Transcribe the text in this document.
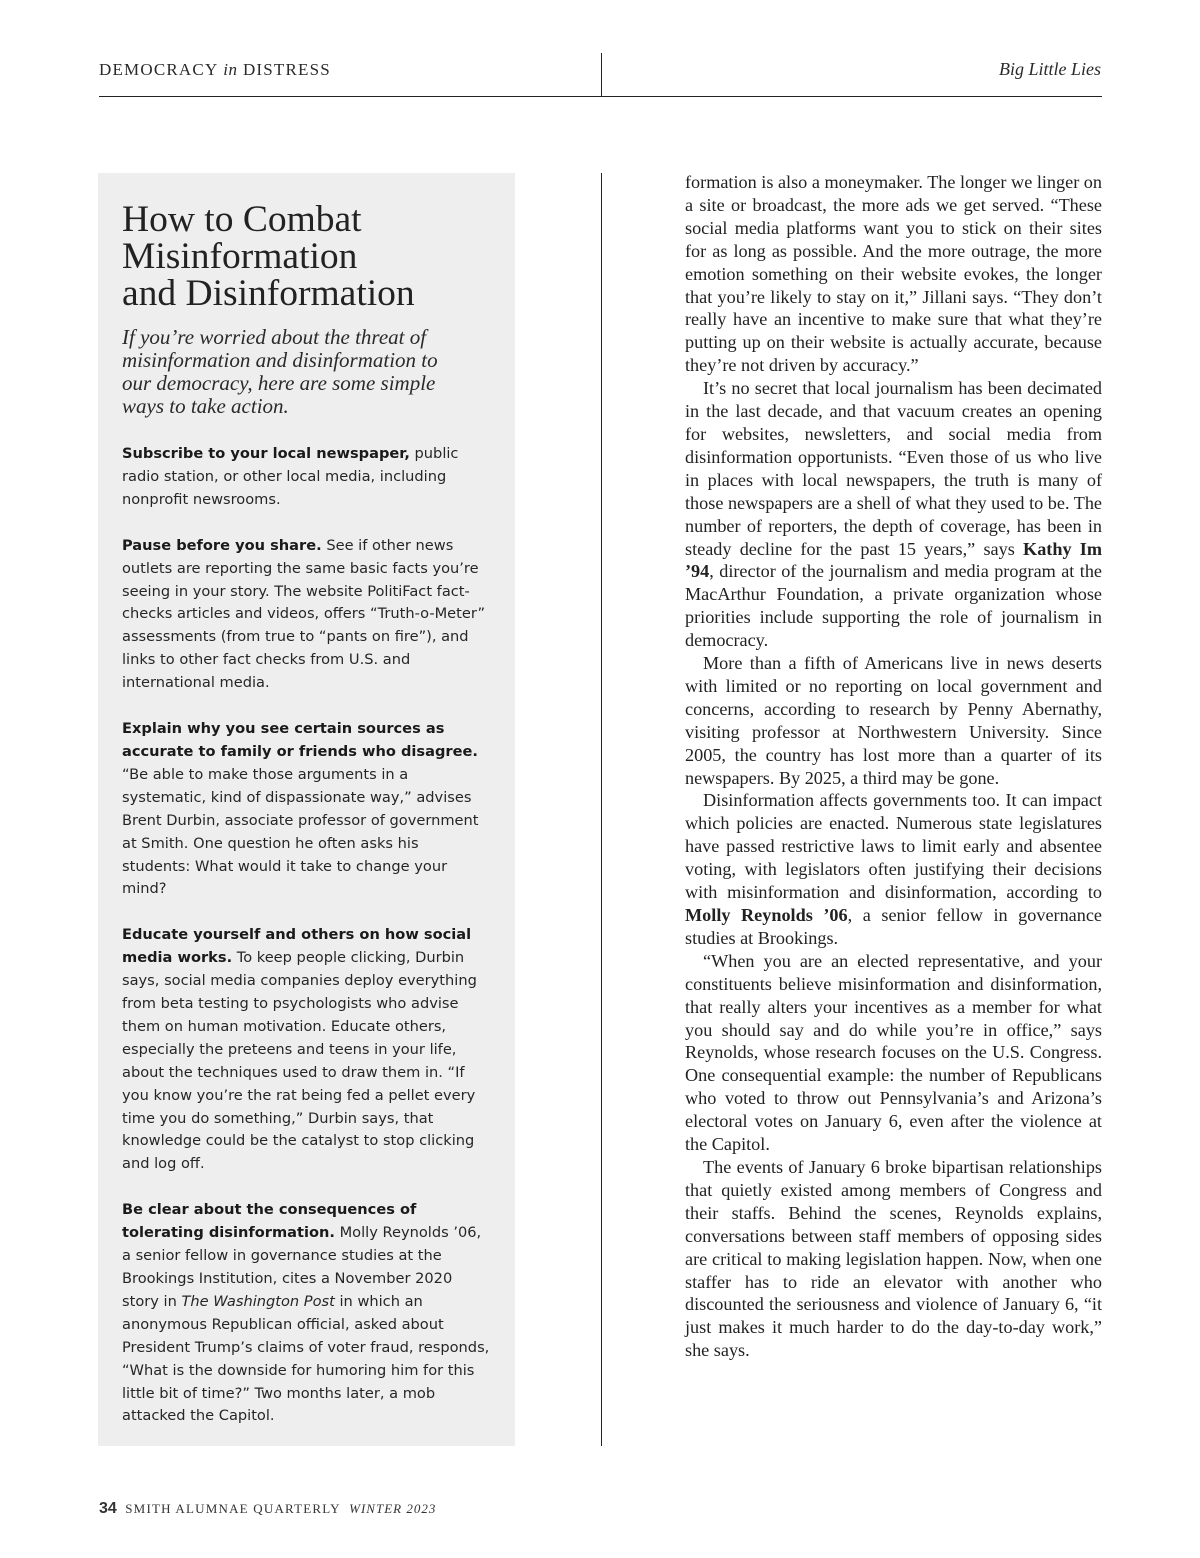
DEMOCRACY in DISTRESS	Big Little Lies
How to Combat
Misinformation
and Disinformation

If you’re worried about the threat of misinformation and disinformation to our democracy, here are some simple ways to take action.

Subscribe to your local newspaper, public radio station, or other local media, including nonprofit newsrooms.

Pause before you share. See if other news outlets are reporting the same basic facts you’re seeing in your story. The website PolitiFact fact-checks articles and videos, offers “Truth-o-Meter” assessments (from true to “pants on fire”), and links to other fact checks from U.S. and international media.

Explain why you see certain sources as accurate to family or friends who disagree. “Be able to make those arguments in a systematic, kind of dispassionate way,” advises Brent Durbin, associate professor of government at Smith. One question he often asks his students: What would it take to change your mind?

Educate yourself and others on how social media works. To keep people clicking, Durbin says, social media companies deploy everything from beta testing to psychologists who advise them on human motivation. Educate others, especially the preteens and teens in your life, about the techniques used to draw them in. “If you know you’re the rat being fed a pellet every time you do something,” Durbin says, that knowledge could be the catalyst to stop clicking and log off.

Be clear about the consequences of tolerating disinformation. Molly Reynolds ’06, a senior fellow in governance studies at the Brookings Institution, cites a November 2020 story in The Washington Post in which an anonymous Republican official, asked about President Trump’s claims of voter fraud, responds, “What is the downside for humoring him for this little bit of time?” Two months later, a mob attacked the Capitol.

formation is also a moneymaker. The longer we linger on a site or broadcast, the more ads we get served. “These social media platforms want you to stick on their sites for as long as possible. And the more outrage, the more emotion something on their website evokes, the longer that you’re likely to stay on it,” Jillani says. “They don’t really have an incentive to make sure that what they’re putting up on their website is actually accurate, because they’re not driven by accuracy.”

It’s no secret that local journalism has been decimated in the last decade, and that vacuum creates an opening for websites, newsletters, and social media from disinformation opportunists. “Even those of us who live in places with local newspapers, the truth is many of those newspapers are a shell of what they used to be. The number of reporters, the depth of coverage, has been in steady decline for the past 15 years,” says Kathy Im ’94, director of the journalism and media program at the MacArthur Foundation, a private organization whose priorities include supporting the role of journalism in democracy.

More than a fifth of Americans live in news deserts with limited or no reporting on local government and concerns, according to research by Penny Abernathy, visiting professor at Northwestern University. Since 2005, the country has lost more than a quarter of its newspapers. By 2025, a third may be gone.

Disinformation affects governments too. It can impact which policies are enacted. Numerous state legislatures have passed restrictive laws to limit early and absentee voting, with legislators often justifying their decisions with misinformation and disinformation, according to Molly Reynolds ’06, a senior fellow in governance studies at Brookings.

“When you are an elected representative, and your constituents believe misinformation and disinformation, that really alters your incentives as a member for what you should say and do while you’re in office,” says Reynolds, whose research focuses on the U.S. Congress. One consequential example: the number of Republicans who voted to throw out Pennsylvania’s and Arizona’s electoral votes on January 6, even after the violence at the Capitol.

The events of January 6 broke bipartisan relationships that quietly existed among members of Congress and their staffs. Behind the scenes, Reynolds explains, conversations between staff members of opposing sides are critical to making legislation happen. Now, when one staffer has to ride an elevator with another who discounted the seriousness and violence of January 6, “it just makes it much harder to do the day-to-day work,” she says.

34 SMITH ALUMNAE QUARTERLY WINTER 2023
